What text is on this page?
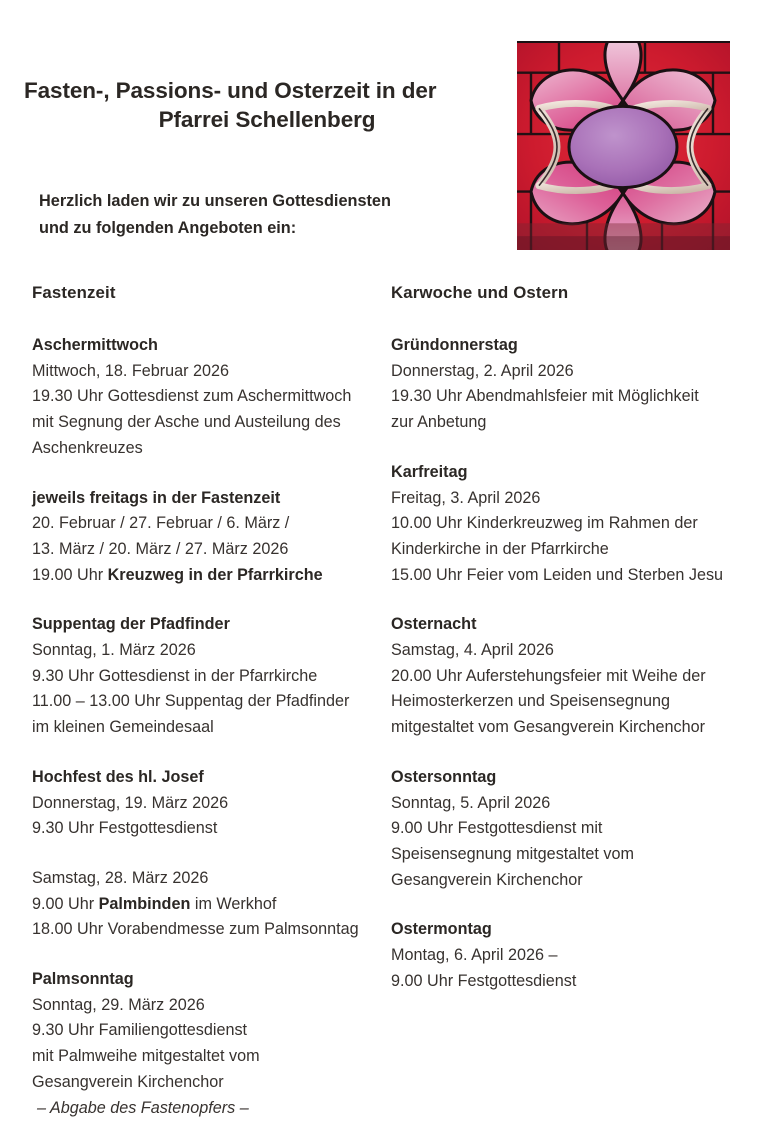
Fasten-, Passions- und Osterzeit in der
Pfarrei Schellenberg

Herzlich laden wir zu unseren Gottesdiensten
und zu folgenden Angeboten ein:

Fastenzeit
Aschermittwoch

Mittwoch, 18. Februar 2026

19.30 Uhr Gottesdienst zum Aschermittwoch

mit Segnung der Asche und Austeilung des

Aschenkreuzes

jeweils freitags in der Fastenzeit

20. Februar / 27. Februar / 6. März /

13. März / 20. März / 27. März 2026

19.00 Uhr Kreuzweg in der Pfarrkirche

Suppentag der Pfadfinder

Sonntag, 1. März 2026

9.30 Uhr Gottesdienst in der Pfarrkirche

11.00 – 13.00 Uhr Suppentag der Pfadfinder

im kleinen Gemeindesaal

Hochfest des hl. Josef

Donnerstag, 19. März 2026

9.30 Uhr Festgottesdienst

Samstag, 28. März 2026

9.00 Uhr Palmbinden im Werkhof

18.00 Uhr Vorabendmesse zum Palmsonntag

Palmsonntag

Sonntag, 29. März 2026

9.30 Uhr Familiengottesdienst

mit Palmweihe mitgestaltet vom

Gesangverein Kirchenchor

– Abgabe des Fastenopfers –

Karwoche und Ostern
Gründonnerstag

Donnerstag, 2. April 2026

19.30 Uhr Abendmahlsfeier mit Möglichkeit

zur Anbetung

Karfreitag

Freitag, 3. April 2026

10.00 Uhr Kinderkreuzweg im Rahmen der

Kinderkirche in der Pfarrkirche

15.00 Uhr Feier vom Leiden und Sterben Jesu

Osternacht

Samstag, 4. April 2026

20.00 Uhr Auferstehungsfeier mit Weihe der

Heimosterkerzen und Speisensegnung

mitgestaltet vom Gesangverein Kirchenchor

Ostersonntag

Sonntag, 5. April 2026

9.00 Uhr Festgottesdienst mit

Speisensegnung mitgestaltet vom

Gesangverein Kirchenchor

Ostermontag

Montag, 6. April 2026 –

9.00 Uhr Festgottesdienst
